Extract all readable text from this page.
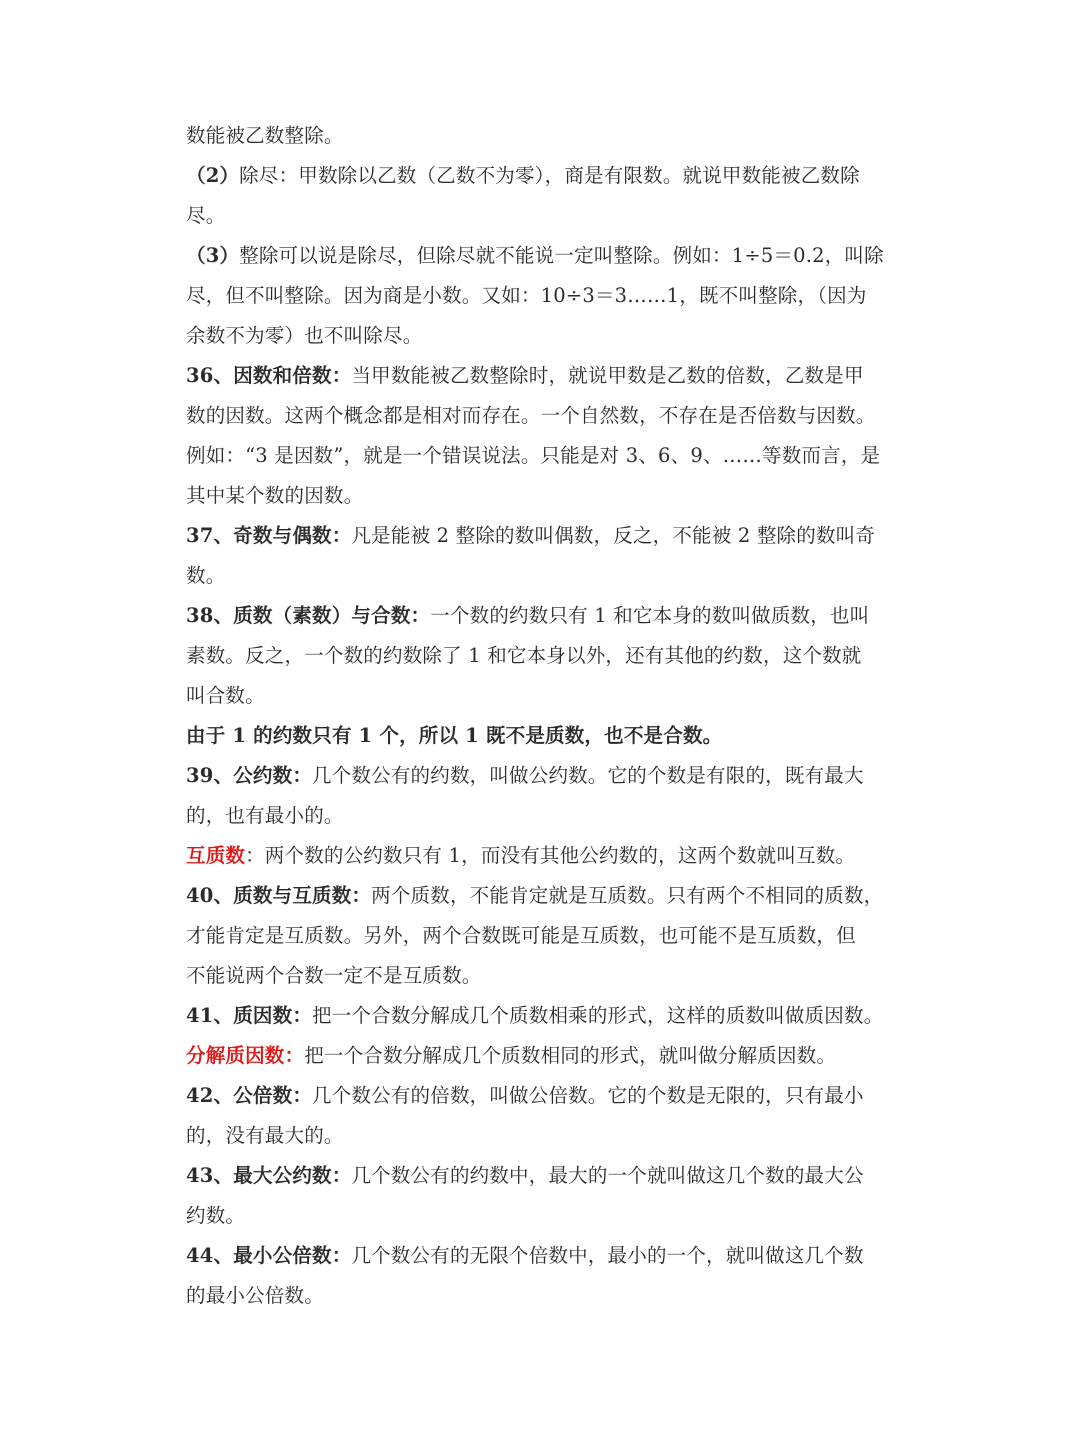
数能被乙数整除。
（2）除尽：甲数除以乙数（乙数不为零），商是有限数。就说甲数能被乙数除
尽。
（3）整除可以说是除尽，但除尽就不能说一定叫整除。例如：1÷5＝0.2，叫除
尽，但不叫整除。因为商是小数。又如：10÷3＝3……1，既不叫整除，（因为
余数不为零）也不叫除尽。
36、因数和倍数：当甲数能被乙数整除时，就说甲数是乙数的倍数，乙数是甲
数的因数。这两个概念都是相对而存在。一个自然数，不存在是否倍数与因数。
例如：“3 是因数”，就是一个错误说法。只能是对 3、6、9、……等数而言，是
其中某个数的因数。
37、奇数与偶数：凡是能被 2 整除的数叫偶数，反之，不能被 2 整除的数叫奇
数。
38、质数（素数）与合数：一个数的约数只有 1 和它本身的数叫做质数，也叫
素数。反之，一个数的约数除了 1 和它本身以外，还有其他的约数，这个数就
叫合数。
由于 1 的约数只有 1 个，所以 1 既不是质数，也不是合数。
39、公约数：几个数公有的约数，叫做公约数。它的个数是有限的，既有最大
的，也有最小的。
互质数：两个数的公约数只有 1，而没有其他公约数的，这两个数就叫互数。
40、质数与互质数：两个质数，不能肯定就是互质数。只有两个不相同的质数，
才能肯定是互质数。另外，两个合数既可能是互质数，也可能不是互质数，但
不能说两个合数一定不是互质数。
41、质因数：把一个合数分解成几个质数相乘的形式，这样的质数叫做质因数。
分解质因数：把一个合数分解成几个质数相同的形式，就叫做分解质因数。
42、公倍数：几个数公有的倍数，叫做公倍数。它的个数是无限的，只有最小
的，没有最大的。
43、最大公约数：几个数公有的约数中，最大的一个就叫做这几个数的最大公
约数。
44、最小公倍数：几个数公有的无限个倍数中，最小的一个，就叫做这几个数
的最小公倍数。
